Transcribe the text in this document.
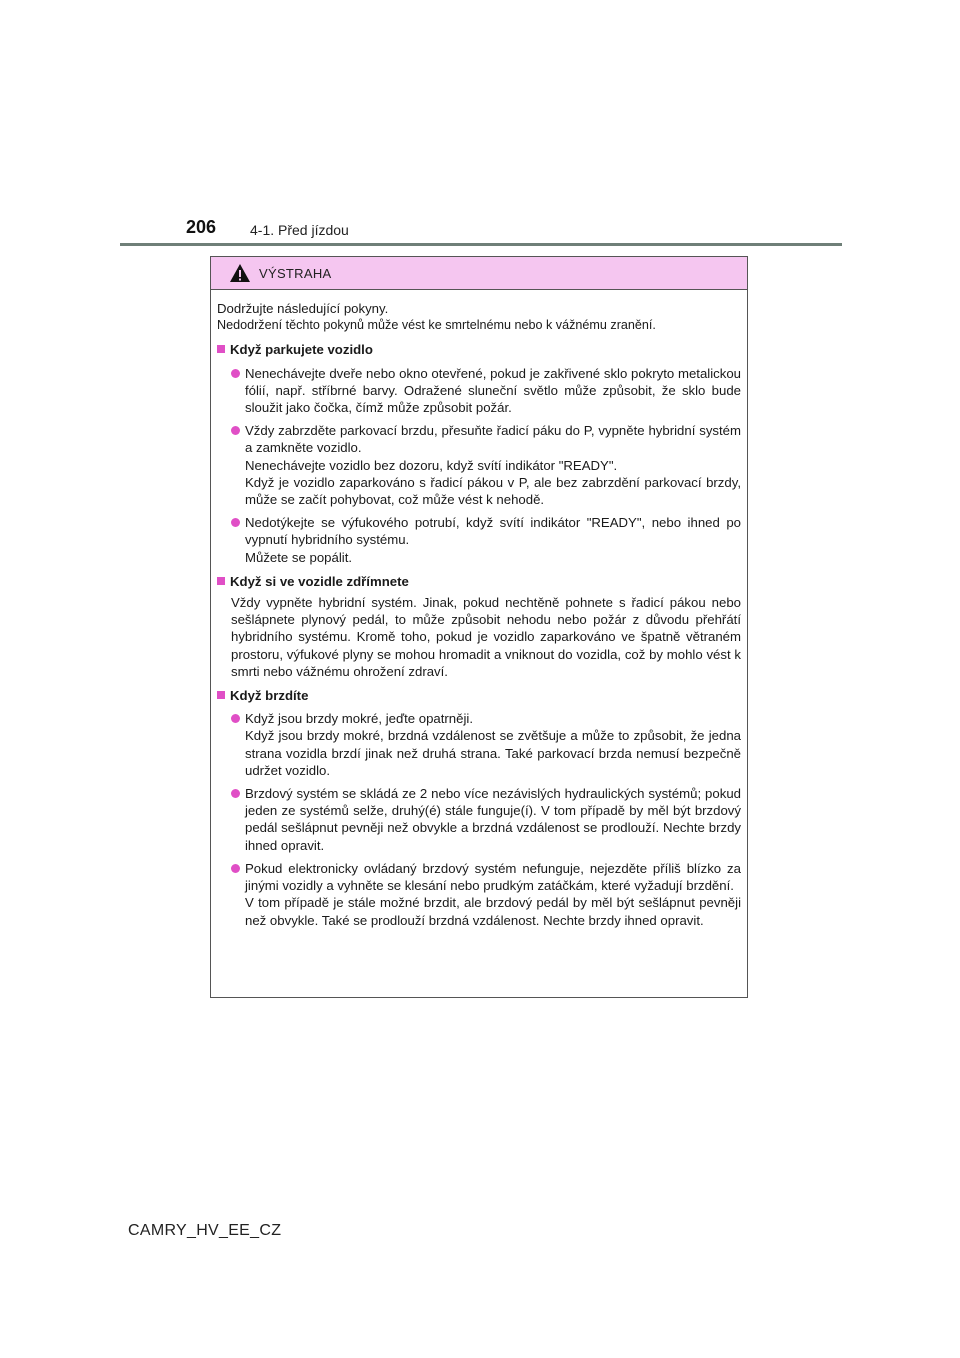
206 4-1. Před jízdou
VÝSTRAHA

Dodržujte následující pokyny.
Nedodržení těchto pokynů může vést ke smrtelnému nebo k vážnému zranění.

Když parkujete vozidlo
Nenechávejte dveře nebo okno otevřené, pokud je zakřivené sklo pokryto metalickou fólií, např. stříbrné barvy. Odražené sluneční světlo může způsobit, že sklo bude sloužit jako čočka, čímž může způsobit požár.
Vždy zabrzděte parkovací brzdu, přesuňte řadicí páku do P, vypněte hybridní systém a zamkněte vozidlo.
Nenechávejte vozidlo bez dozoru, když svítí indikátor "READY".
Když je vozidlo zaparkováno s řadicí pákou v P, ale bez zabrzdění parkovací brzdy, může se začít pohybovat, což může vést k nehodě.
Nedotýkejte se výfukového potrubí, když svítí indikátor "READY", nebo ihned po vypnutí hybridního systému.
Můžete se popálit.
Když si ve vozidle zdřímnete
Vždy vypněte hybridní systém. Jinak, pokud nechtěně pohnete s řadicí pákou nebo sešlápnete plynový pedál, to může způsobit nehodu nebo požár z důvodu přehřátí hybridního systému. Kromě toho, pokud je vozidlo zaparkováno ve špatně větraném prostoru, výfukové plyny se mohou hromadit a vniknout do vozidla, což by mohlo vést k smrti nebo vážnému ohrožení zdraví.
Když brzdíte
Když jsou brzdy mokré, jeďte opatrněji.
Když jsou brzdy mokré, brzdná vzdálenost se zvětšuje a může to způsobit, že jedna strana vozidla brzdí jinak než druhá strana. Také parkovací brzda nemusí bezpečně udržet vozidlo.
Brzdový systém se skládá ze 2 nebo více nezávislých hydraulických systémů; pokud jeden ze systémů selže, druhý(é) stále funguje(í). V tom případě by měl být brzdový pedál sešlápnut pevněji než obvykle a brzdná vzdálenost se prodlouží. Nechte brzdy ihned opravit.
Pokud elektronicky ovládaný brzdový systém nefunguje, nejezděte příliš blízko za jinými vozidly a vyhněte se klesání nebo prudkým zatáčkám, které vyžadují brzdění.
V tom případě je stále možné brzdit, ale brzdový pedál by měl být sešlápnut pevněji než obvykle. Také se prodlouží brzdná vzdálenost. Nechte brzdy ihned opravit.
CAMRY_HV_EE_CZ
